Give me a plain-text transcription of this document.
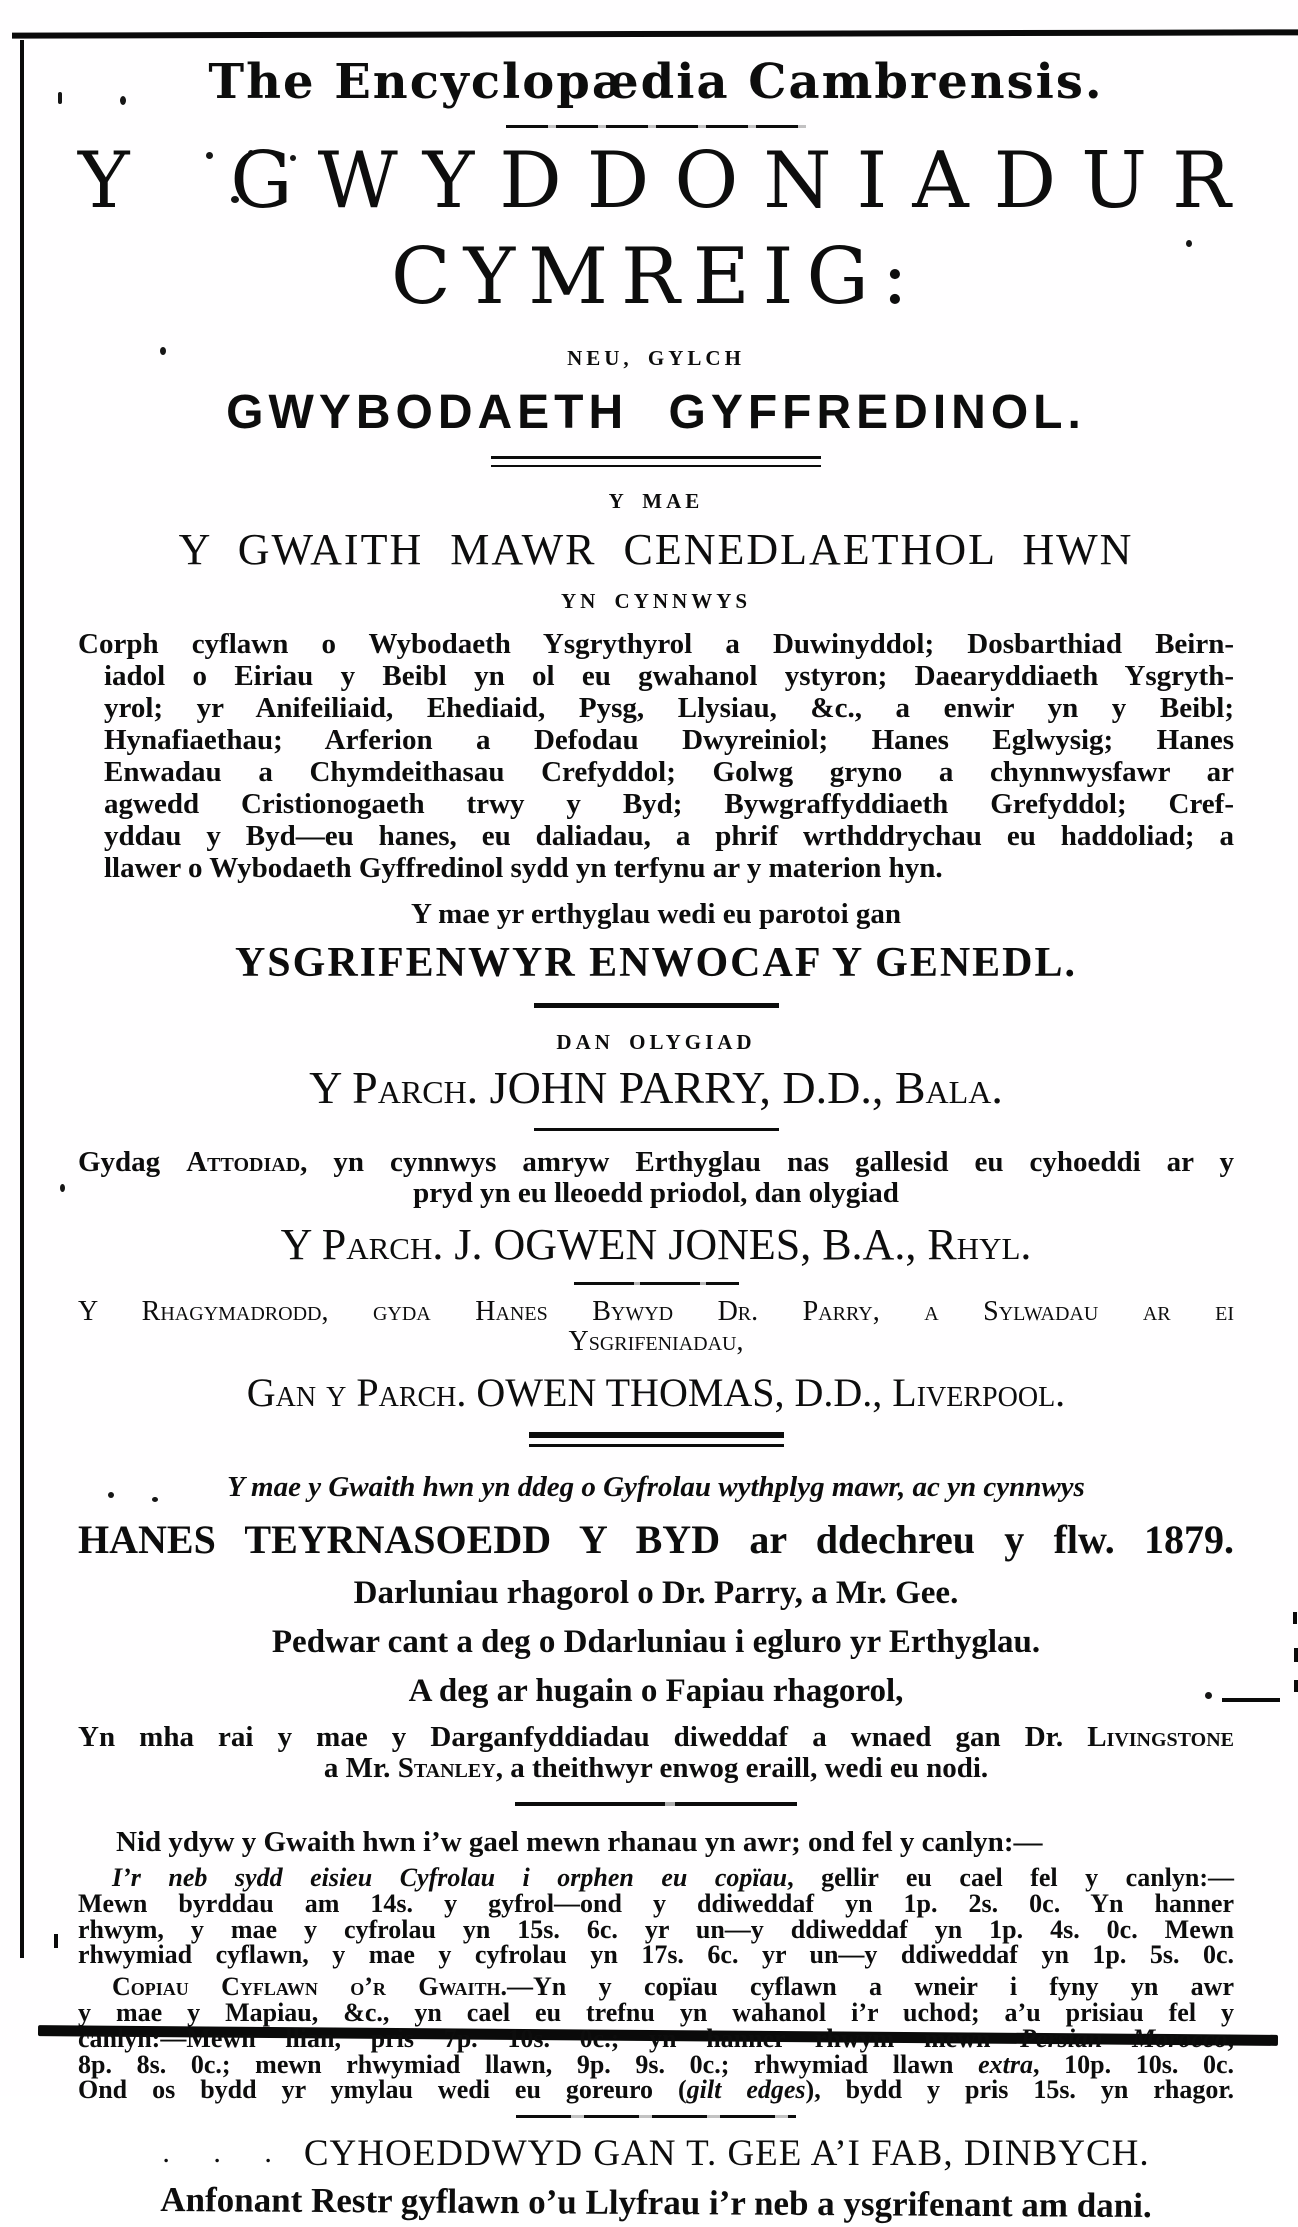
The Encyclopædia Cambrensis.
Y GWYDDONIADUR
CYMREIG:
NEU, GYLCH
GWYBODAETH GYFFREDINOL.
Y MAE
Y GWAITH MAWR CENEDLAETHOL HWN
YN CYNNWYS
Corph cyflawn o Wybodaeth Ysgrythyrol a Duwinyddol; Dosbarthiad Beirn-
iadol o Eiriau y Beibl yn ol eu gwahanol ystyron; Daearyddiaeth Ysgryth-
yrol; yr Anifeiliaid, Ehediaid, Pysg, Llysiau, &c., a enwir yn y Beibl;
Hynafiaethau; Arferion a Defodau Dwyreiniol; Hanes Eglwysig; Hanes
Enwadau a Chymdeithasau Crefyddol; Golwg gryno a chynnwysfawr ar
agwedd Cristionogaeth trwy y Byd; Bywgraffyddiaeth Grefyddol; Cref-
yddau y Byd—eu hanes, eu daliadau, a phrif wrthddrychau eu haddoliad; a
llawer o Wybodaeth Gyffredinol sydd yn terfynu ar y materion hyn.
Y mae yr erthyglau wedi eu parotoi gan
YSGRIFENWYR ENWOCAF Y GENEDL.
DAN OLYGIAD
Y Parch. JOHN PARRY, D.D., Bala.
Gydag Attodiad, yn cynnwys amryw Erthyglau nas gallesid eu cyhoeddi ar y
pryd yn eu lleoedd priodol, dan olygiad
Y Parch. J. OGWEN JONES, B.A., Rhyl.
Y Rhagymadrodd, gyda Hanes Bywyd Dr. Parry, a Sylwadau ar ei
Ysgrifeniadau,
Gan y Parch. OWEN THOMAS, D.D., Liverpool.
Y mae y Gwaith hwn yn ddeg o Gyfrolau wythplyg mawr, ac yn cynnwys
HANES TEYRNASOEDD Y BYD ar ddechreu y flw. 1879.
Darluniau rhagorol o Dr. Parry, a Mr. Gee.
Pedwar cant a deg o Ddarluniau i egluro yr Erthyglau.
A deg ar hugain o Fapiau rhagorol,
Yn mha rai y mae y Darganfyddiadau diweddaf a wnaed gan Dr. Livingstone
a Mr. Stanley, a theithwyr enwog eraill, wedi eu nodi.
Nid ydyw y Gwaith hwn i’w gael mewn rhanau yn awr; ond fel y canlyn:—
I’r neb sydd eisieu Cyfrolau i orphen eu copïau, gellir eu cael fel y canlyn:—
Mewn byrddau am 14s. y gyfrol—ond y ddiweddaf yn 1p. 2s. 0c. Yn hanner
rhwym, y mae y cyfrolau yn 15s. 6c. yr un—y ddiweddaf yn 1p. 4s. 0c. Mewn
rhwymiad cyflawn, y mae y cyfrolau yn 17s. 6c. yr un—y ddiweddaf yn 1p. 5s. 0c.
Copiau Cyflawn o’r Gwaith.—Yn y copïau cyflawn a wneir i fyny yn awr
y mae y Mapiau, &c., yn cael eu trefnu yn wahanol i’r uchod; a’u prisiau fel y
canlyn:—Mewn llian, pris 7p. 10s. 0c.; yn hanner rhwym mewn Persian Morocco,
8p. 8s. 0c.; mewn rhwymiad llawn, 9p. 9s. 0c.; rhwymiad llawn extra, 10p. 10s. 0c.
Ond os bydd yr ymylau wedi eu goreuro (gilt edges), bydd y pris 15s. yn rhagor.
. . . CYHOEDDWYD GAN T. GEE A’I FAB, DINBYCH.
Anfonant Restr gyflawn o’u Llyfrau i’r neb a ysgrifenant am dani.
